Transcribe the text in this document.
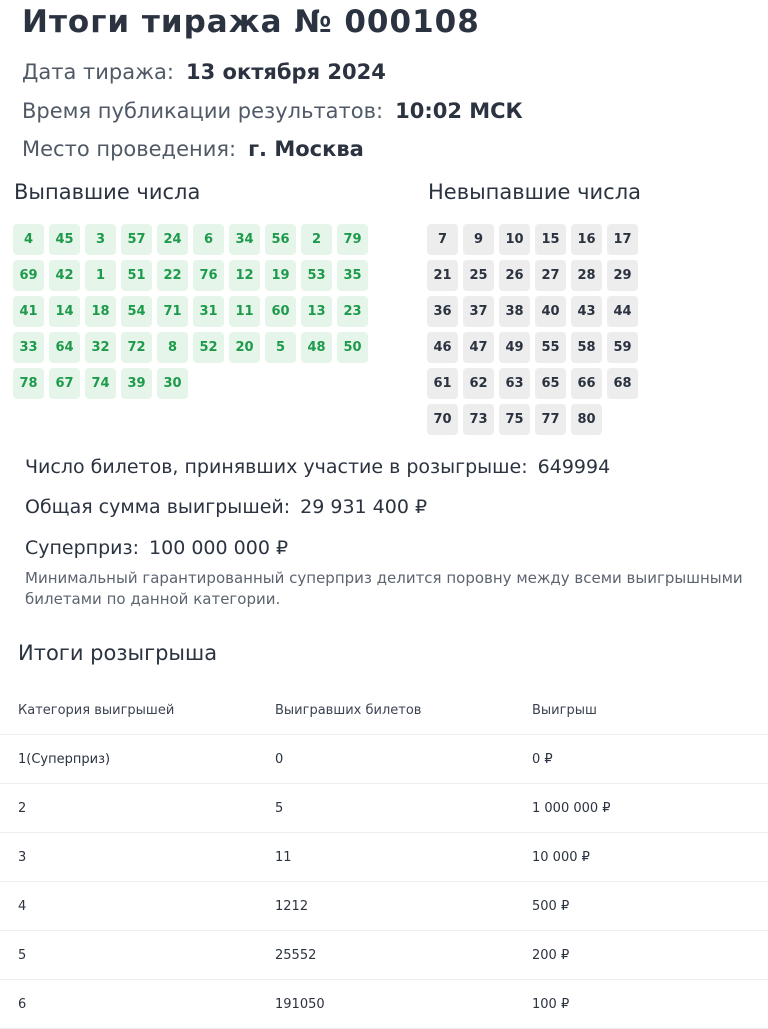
Итоги тиража № 000108
Дата тиража: 13 октября 2024
Время публикации результатов: 10:02 МСК
Место проведения: г. Москва
Выпавшие числа	Невыпавшие числа
4	45	3	57	24	6	34	56	2	79
69	42	1	51	22	76	12	19	53	35
41	14	18	54	71	31	11	60	13	23
33	64	32	72	8	52	20	5	48	50
78	67	74	39	30
7	9	10	15	16	17
21	25	26	27	28	29
36	37	38	40	43	44
46	47	49	55	58	59
61	62	63	65	66	68
70	73	75	77	80
Число билетов, принявших участие в розыгрыше: 649994
Общая сумма выигрышей: 29 931 400 ₽
Суперприз: 100 000 000 ₽
Минимальный гарантированный суперприз делится поровну между всеми выигрышными билетами по данной категории.
Итоги розыгрыша
Категория выигрышей	Выигравших билетов	Выигрыш
1(Суперприз)	0	0 ₽
2	5	1 000 000 ₽
3	11	10 000 ₽
4	1212	500 ₽
5	25552	200 ₽
6	191050	100 ₽
